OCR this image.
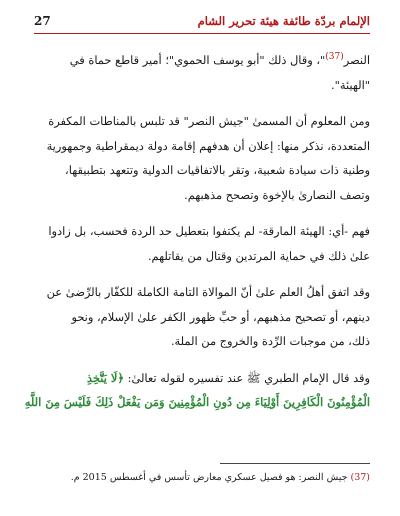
الإلمام بردّة طائفة هيئة تحرير الشام
27

النصر$^{(37)}$"، وقال ذلك "أبو يوسف الحموي"؛ أمير قاطع حماة في
"الهيئة".

ومن المعلوم أن المسمىٰ "جيش النصر" قد تلبس بالمناطات المكفرة
المتعددة، نذكر منها: إعلان أن هدفهم إقامة دولة ديمقراطية وجمهورية
وطنية ذات سيادة شعبية، وتقر بالاتفاقيات الدولية وتتعهد بتطبيقها،
وتصف النصارىٰ بالإخوة وتصحح مذهبهم.

فهم -أي: الهيئة المارقة- لم يكتفوا بتعطيل حد الردة فحسب، بل زادوا
علىٰ ذلك في حماية المرتدين وقتال من يقاتلهم.

وقد اتفق أهلُ العلم علىٰ أنّ الموالاة التامة الكاملة للكفّار بالرِّضىٰ عن
دينهم، أو تصحيح مذهبهم، أو حبِّ ظهور الكفر علىٰ الإسلام، ونحو
ذلك، من موجبات الرِّدة والخروج من الملة.

وقد قال الإمام الطبري ﷺ عند تفسيره لقوله تعالىٰ: ﴿لَا يَتَّخِذِ
الْمُؤْمِنُونَ الْكَافِرِينَ أَوْلِيَاءَ مِن دُونِ الْمُؤْمِنِينَ وَمَن يَفْعَلْ ذَلِكَ فَلَيْسَ مِنَ اللَّهِ

(37) جيش النصر: هو فصيل عسكري معارض تأسس في أغسطس 2015 م.
